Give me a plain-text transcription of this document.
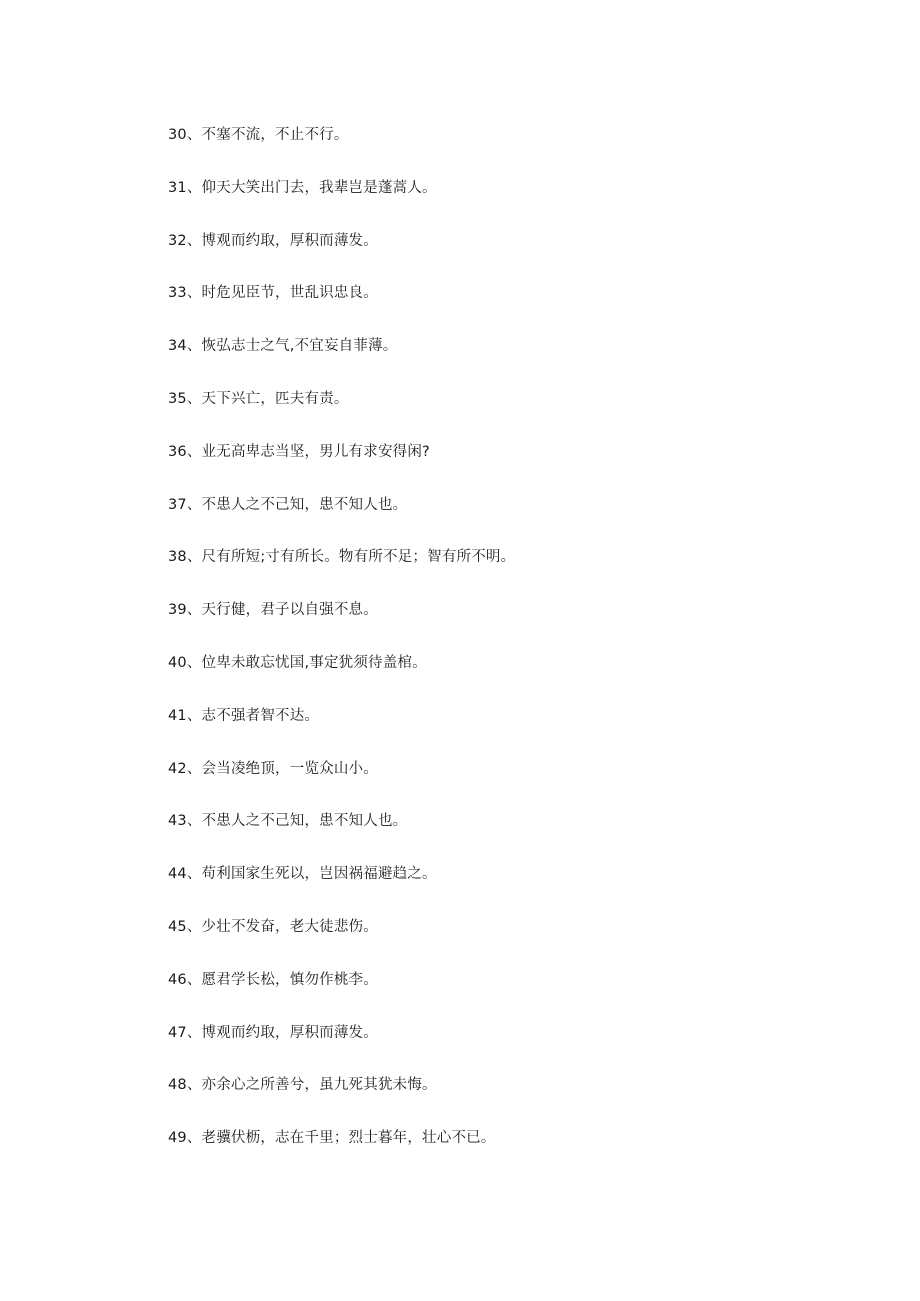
30、不塞不流，不止不行。
31、仰天大笑出门去，我辈岂是蓬蒿人。
32、博观而约取，厚积而薄发。
33、时危见臣节，世乱识忠良。
34、恢弘志士之气,不宜妄自菲薄。
35、天下兴亡，匹夫有责。
36、业无高卑志当坚，男儿有求安得闲?
37、不患人之不己知，患不知人也。
38、尺有所短;寸有所长。物有所不足；智有所不明。
39、天行健，君子以自强不息。
40、位卑未敢忘忧国,事定犹须待盖棺。
41、志不强者智不达。
42、会当凌绝顶，一览众山小。
43、不患人之不己知，患不知人也。
44、苟利国家生死以，岂因祸福避趋之。
45、少壮不发奋，老大徒悲伤。
46、愿君学长松，慎勿作桃李。
47、博观而约取，厚积而薄发。
48、亦余心之所善兮，虽九死其犹未悔。
49、老骥伏枥，志在千里；烈士暮年，壮心不已。
